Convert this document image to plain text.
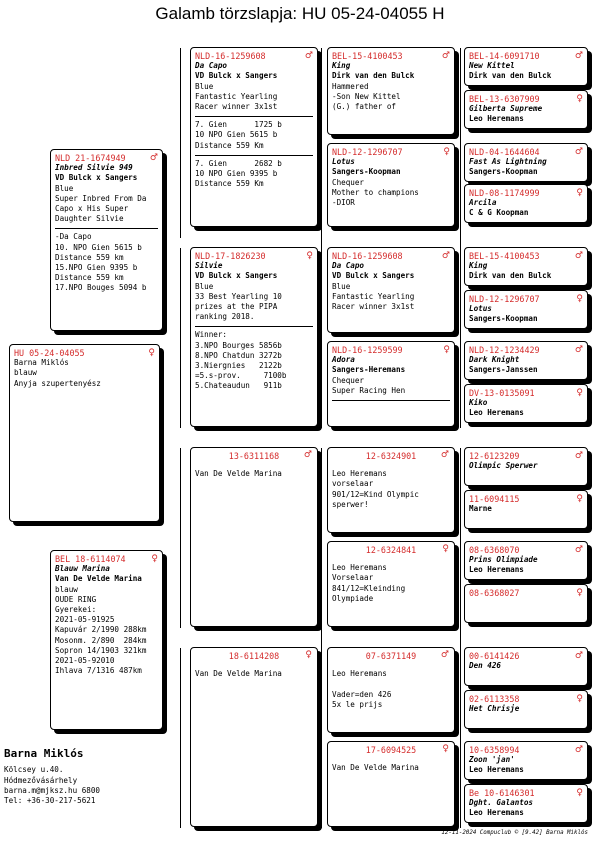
Galamb törzslapja: HU 05-24-04055 H
HU 05-24-04055	♀
Barna Miklós
blauw
Anyja szupertenyész
NLD 21-1674949	♂
Inbred Silvie 949
VD Bulck x Sangers
Blue
Super Inbred From Da
Capo x His Super
Daughter Silvie
-Da Capo
10. NPO Gien 5615 b
Distance 559 km
15.NPO Gien 9395 b
Distance 559 km
17.NPO Bouges 5094 b
BEL 18-6114074	♀
Blauw Marina
Van De Velde Marina
blauw
OUDE RING
Gyerekei:
2021-05-91925
Kapuvár 2/1990 288km
Mosonm. 2/890  284km
Sopron 14/1903 321km
2021-05-92010
Ihlava 7/1316 487km
NLD-16-1259608	♂
Da Capo
VD Bulck x Sangers
Blue
Fantastic Yearling
Racer winner 3x1st
7. Gien      1725 b
10 NPO Gien 5615 b
Distance 559 Km
7. Gien      2682 b
10 NPO Gien 9395 b
Distance 559 Km
NLD-17-1826230	♀
Silvie
VD Bulck x Sangers
Blue
33 Best Yearling 10
prizes at the PIPA
ranking 2018.
Winner:
3.NPO Bourges 5856b
8.NPO Chatdun 3272b
3.Niergnies   2122b
=5.s-prov.     7100b
5.Chateaudun   911b
♂
13-6311168
Van De Velde Marina
♀
18-6114208
Van De Velde Marina
BEL-15-4100453	♂
King
Dirk van den Bulck
Hammered
-Son New Kittel
(G.) father of
NLD-12-1296707	♀
Lotus
Sangers-Koopman
Chequer
Mother to champions
-DIOR
NLD-16-1259608	♂
Da Capo
VD Bulck x Sangers
Blue
Fantastic Yearling
Racer winner 3x1st
NLD-16-1259599	♀
Adora
Sangers-Heremans
Chequer
Super Racing Hen
♂
12-6324901
Leo Heremans
vorselaar
901/12=Kind Olympic
sperwer!
♀
12-6324841
Leo Heremans
Vorselaar
841/12=Kleinding
Olympiade
♂
07-6371149
Leo Heremans

Vader=den 426
5x le prijs
♀
17-6094525
Van De Velde Marina
BEL-14-6091710	♂
New Kittel
Dirk van den Bulck
BEL-13-6307909	♀
Gilberta Supreme
Leo Heremans
NLD-04-1644604	♂
Fast As Lightning
Sangers-Koopman
NLD-08-1174999	♀
Arcila
C & G Koopman
BEL-15-4100453	♂
King
Dirk van den Bulck
NLD-12-1296707	♀
Lotus
Sangers-Koopman
NLD-12-1234429	♂
Dark Knight
Sangers-Janssen
DV-13-0135091	♀
Kiko
Leo Heremans
12-6123209	♂
Olimpic Sperwer
11-6094115	♀
Marne
08-6368070	♂
Prins Olimpiade
Leo Heremans
08-6368027	♀
00-6141426	♂
Den 426
02-6113358	♀
Het Chrisje
10-6358994	♂
Zoon 'jan'
Leo Heremans
Be 10-6146301	♀
Dght. Galantos
Leo Heremans
Barna Miklós
Kölcsey u.40.
Hódmezővásárhely
barna.m@mjksz.hu 6800
Tel: +36-30-217-5621
12-11-2024 Compuclub © [9.42] Barna Miklós
